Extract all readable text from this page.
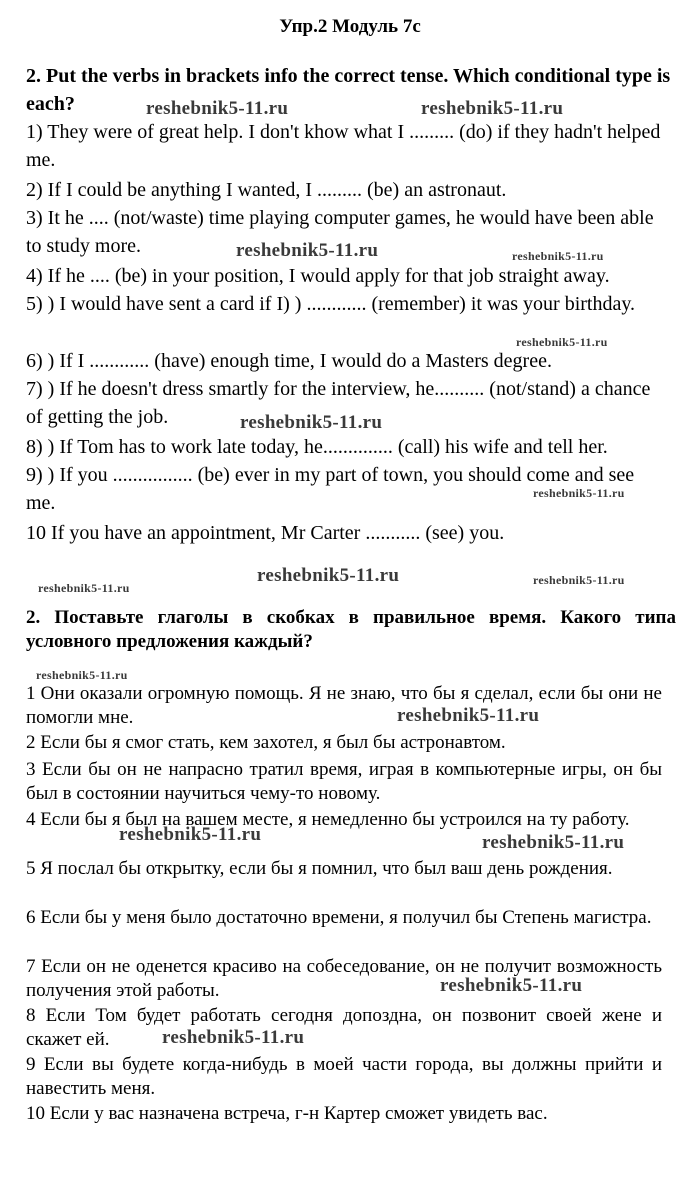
Упр.2 Модуль 7с
2. Put the verbs in brackets info the correct tense. Which conditional type is each?
1) They were of great help. I don't khow what I ......... (do) if they hadn't helped me.
2) If I could be anything I wanted, I ......... (be) an astronaut.
3) It he .... (not/waste) time playing computer games, he would have been able to study more.
4) If he .... (be) in your position, I would apply for that job straight away.
5) ) I would have sent a card if I) ) ............ (remember) it was your birthday.
6) ) If I ............ (have) enough time, I would do a Masters degree.
7) ) If he doesn't dress smartly for the interview, he.......... (not/stand) a chance of getting the job.
8) ) If Tom has to work late today, he.............. (call) his wife and tell her.
9) ) If you ................ (be) ever in my part of town, you should come and see me.
10 If you have an appointment, Mr Carter ........... (see) you.
2. Поставьте глаголы в скобках в правильное время. Какого типа условного предложения каждый?
1 Они оказали огромную помощь. Я не знаю, что бы я сделал, если бы они не помогли мне.
2 Если бы я смог стать, кем захотел, я был бы астронавтом.
3 Если бы он не напрасно тратил время, играя в компьютерные игры, он бы был в состоянии научиться чему-то новому.
4 Если бы я был на вашем месте, я немедленно бы устроился на ту работу.
5 Я послал бы открытку, если бы я помнил, что был ваш день рождения.
6 Если бы у меня было достаточно времени, я получил бы Степень магистра.
7 Если он не оденется красиво на собеседование, он не получит возможность получения этой работы.
8 Если Том будет работать сегодня допоздна, он позвонит своей жене и скажет ей.
9 Если вы будете когда-нибудь в моей части города, вы должны прийти и навестить меня.
10 Если у вас назначена встреча, г-н Картер сможет увидеть вас.
reshebnik5-11.ru	reshebnik5-11.ru
reshebnik5-11.ru	reshebnik5-11.ru
reshebnik5-11.ru
reshebnik5-11.ru
reshebnik5-11.ru
reshebnik5-11.ru
reshebnik5-11.ru	reshebnik5-11.ru
reshebnik5-11.ru
reshebnik5-11.ru
reshebnik5-11.ru	reshebnik5-11.ru
reshebnik5-11.ru
reshebnik5-11.ru
